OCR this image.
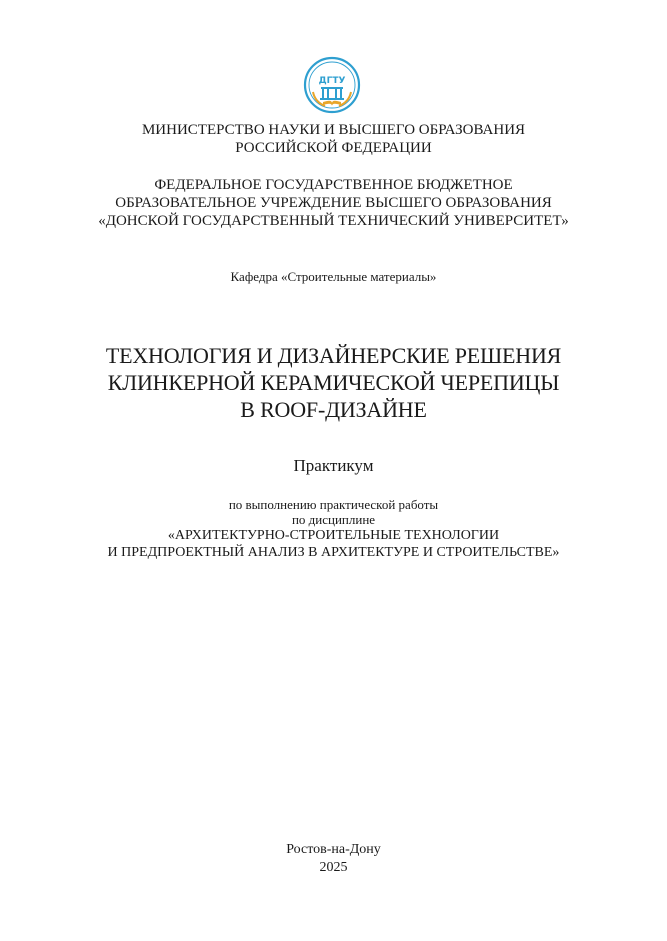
ДГТУ
МИНИСТЕРСТВО НАУКИ И ВЫСШЕГО ОБРАЗОВАНИЯ
РОССИЙСКОЙ ФЕДЕРАЦИИ
ФЕДЕРАЛЬНОЕ ГОСУДАРСТВЕННОЕ БЮДЖЕТНОЕ
ОБРАЗОВАТЕЛЬНОЕ УЧРЕЖДЕНИЕ ВЫСШЕГО ОБРАЗОВАНИЯ
«ДОНСКОЙ ГОСУДАРСТВЕННЫЙ ТЕХНИЧЕСКИЙ УНИВЕРСИТЕТ»
Кафедра «Строительные материалы»
ТЕХНОЛОГИЯ И ДИЗАЙНЕРСКИЕ РЕШЕНИЯ
КЛИНКЕРНОЙ КЕРАМИЧЕСКОЙ ЧЕРЕПИЦЫ
В ROOF-ДИЗАЙНЕ
Практикум
по выполнению практической работы
по дисциплине
«АРХИТЕКТУРНО-СТРОИТЕЛЬНЫЕ ТЕХНОЛОГИИ
И ПРЕДПРОЕКТНЫЙ АНАЛИЗ В АРХИТЕКТУРЕ И СТРОИТЕЛЬСТВЕ»
Ростов-на-Дону
2025
